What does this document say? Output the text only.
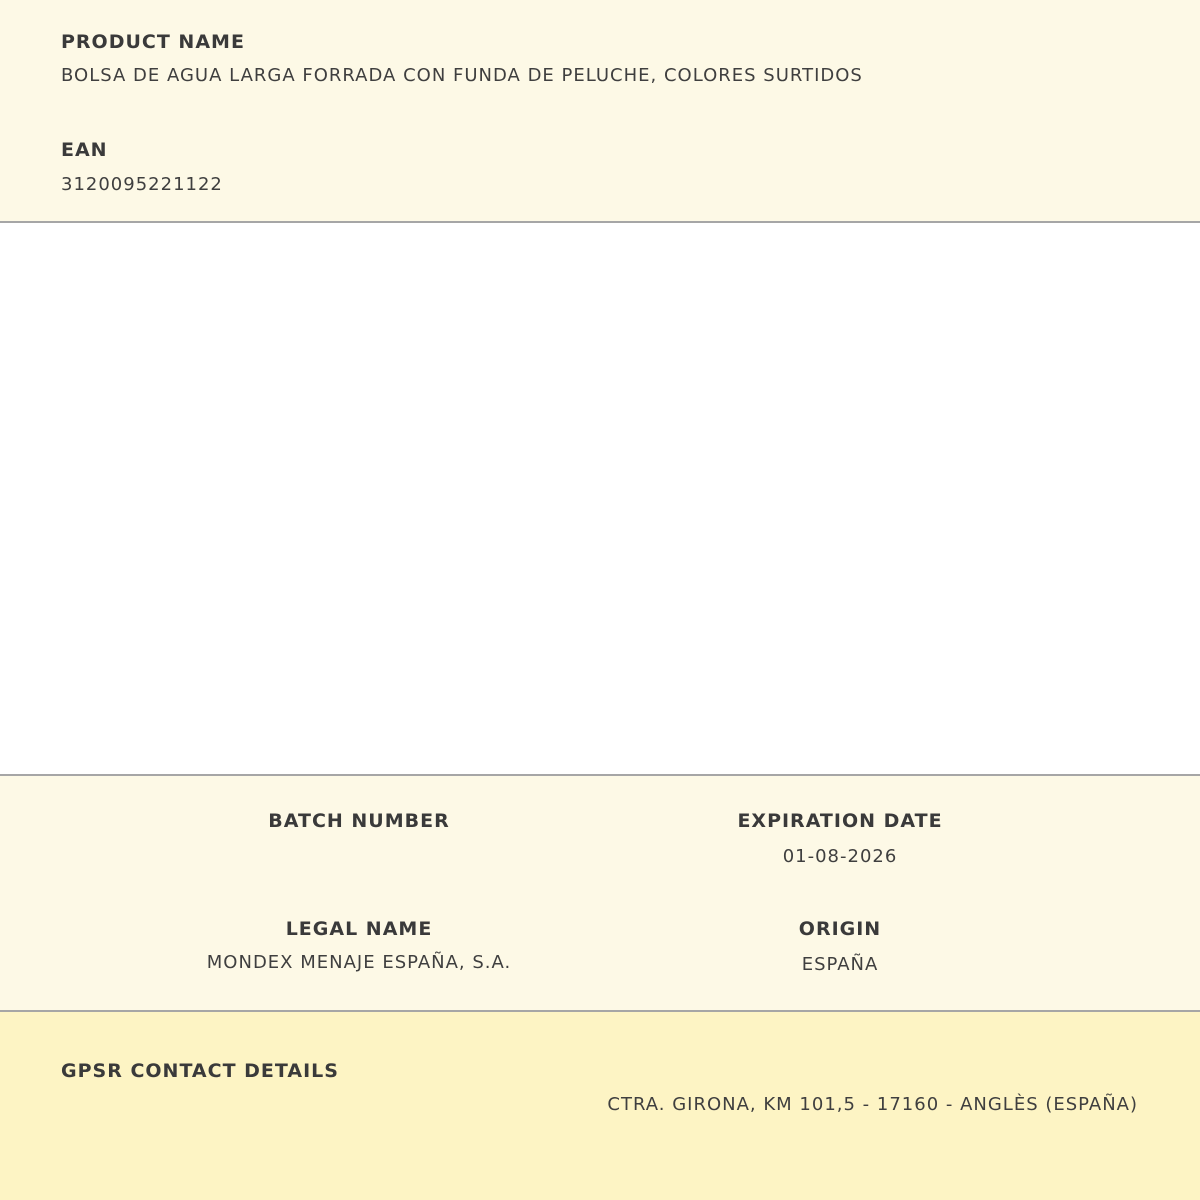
PRODUCT NAME
BOLSA DE AGUA LARGA FORRADA CON FUNDA DE PELUCHE, COLORES SURTIDOS
EAN
3120095221122
BATCH NUMBER	EXPIRATION DATE
01-08-2026
LEGAL NAME
MONDEX MENAJE ESPAÑA, S.A.
ORIGIN
ESPAÑA
GPSR CONTACT DETAILS
CTRA. GIRONA, KM 101,5 - 17160 - ANGLÈS (ESPAÑA)
